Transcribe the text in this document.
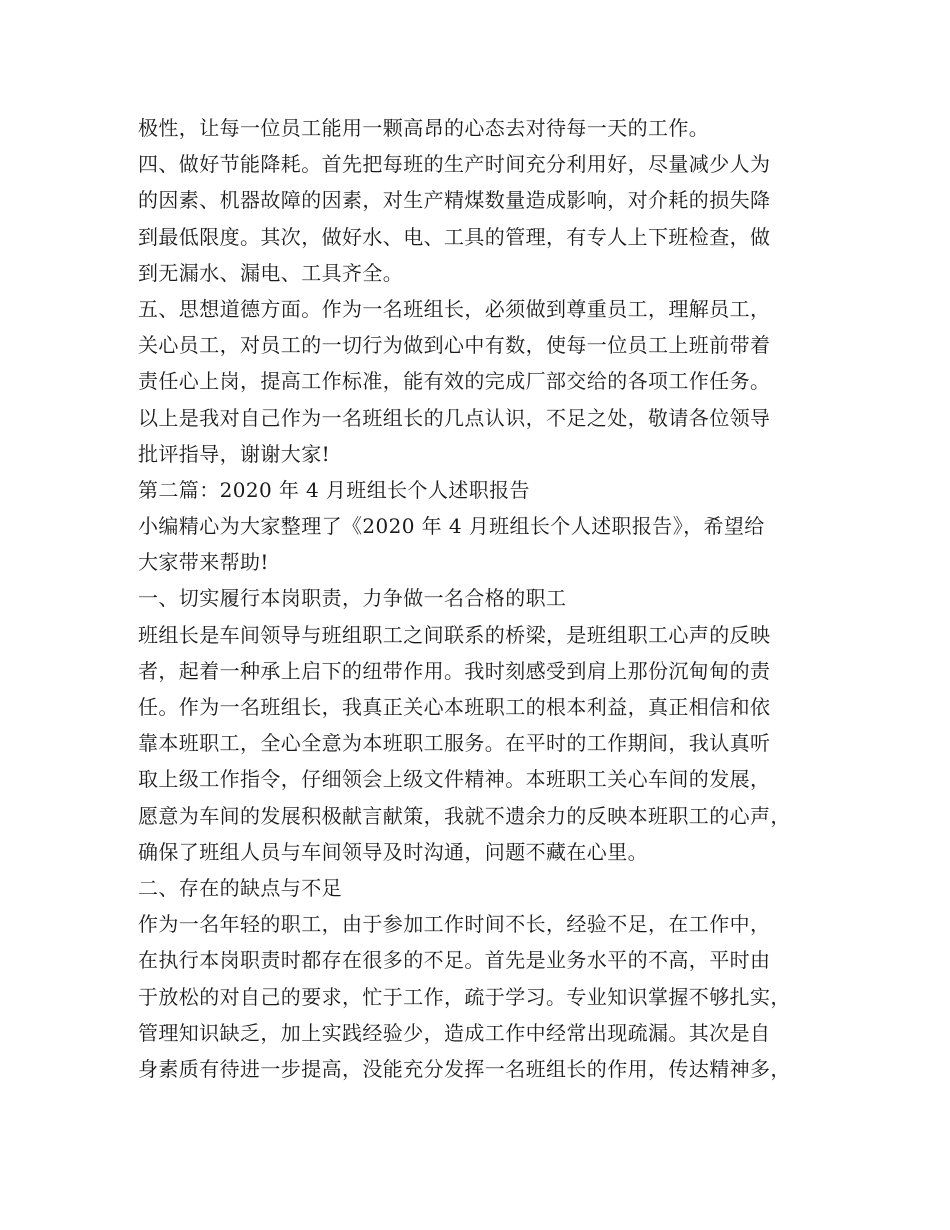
极性，让每一位员工能用一颗高昂的心态去对待每一天的工作。
四、做好节能降耗。首先把每班的生产时间充分利用好，尽量减少人为
的因素、机器故障的因素，对生产精煤数量造成影响，对介耗的损失降
到最低限度。其次，做好水、电、工具的管理，有专人上下班检查，做
到无漏水、漏电、工具齐全。
五、思想道德方面。作为一名班组长，必须做到尊重员工，理解员工，
关心员工，对员工的一切行为做到心中有数，使每一位员工上班前带着
责任心上岗，提高工作标准，能有效的完成厂部交给的各项工作任务。
以上是我对自己作为一名班组长的几点认识，不足之处，敬请各位领导
批评指导，谢谢大家!
第二篇：2020 年 4 月班组长个人述职报告
小编精心为大家整理了《2020 年 4 月班组长个人述职报告》，希望给
大家带来帮助!
一、切实履行本岗职责，力争做一名合格的职工
班组长是车间领导与班组职工之间联系的桥梁，是班组职工心声的反映
者，起着一种承上启下的纽带作用。我时刻感受到肩上那份沉甸甸的责
任。作为一名班组长，我真正关心本班职工的根本利益，真正相信和依
靠本班职工，全心全意为本班职工服务。在平时的工作期间，我认真听
取上级工作指令，仔细领会上级文件精神。本班职工关心车间的发展，
愿意为车间的发展积极献言献策，我就不遗余力的反映本班职工的心声，
确保了班组人员与车间领导及时沟通，问题不藏在心里。
二、存在的缺点与不足
作为一名年轻的职工，由于参加工作时间不长，经验不足，在工作中，
在执行本岗职责时都存在很多的不足。首先是业务水平的不高，平时由
于放松的对自己的要求，忙于工作，疏于学习。专业知识掌握不够扎实，
管理知识缺乏，加上实践经验少，造成工作中经常出现疏漏。其次是自
身素质有待进一步提高，没能充分发挥一名班组长的作用，传达精神多，
